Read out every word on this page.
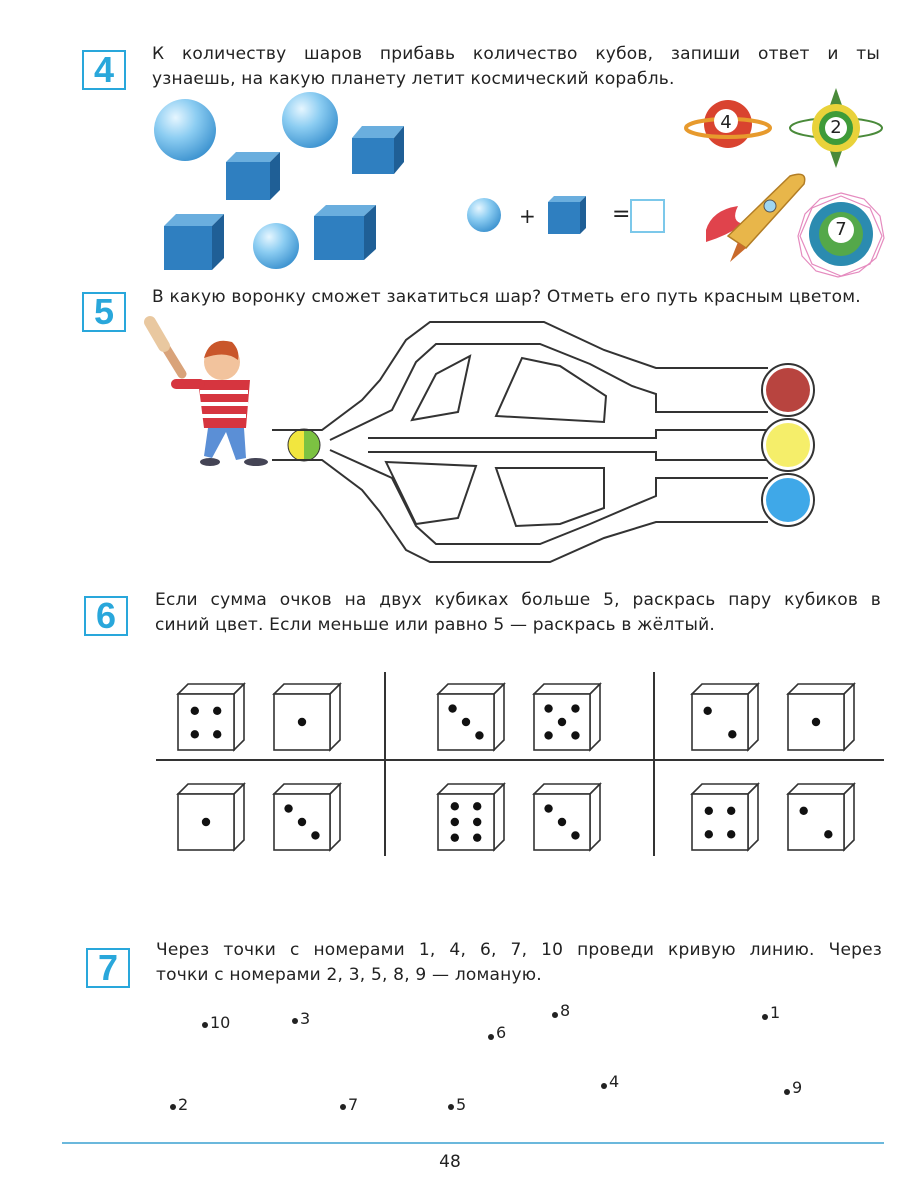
4	К количеству шаров прибавь количество кубов, запиши ответ и ты
узнаешь, на какую планету летит космический корабль.
=
+
4	2
7
5	В какую воронку сможет закатиться шар? Отметь его путь красным цветом.
6	Если сумма очков на двух кубиках больше 5, раскрась пару кубиков в
синий цвет. Если меньше или равно 5 — раскрась в жёлтый.
7	Через точки с номерами 1, 4, 6, 7, 10 проведи кривую линию. Через
точки с номерами 2, 3, 5, 8, 9 — ломаную.
10	3	8
6
1
4	9
2	7	5
48
